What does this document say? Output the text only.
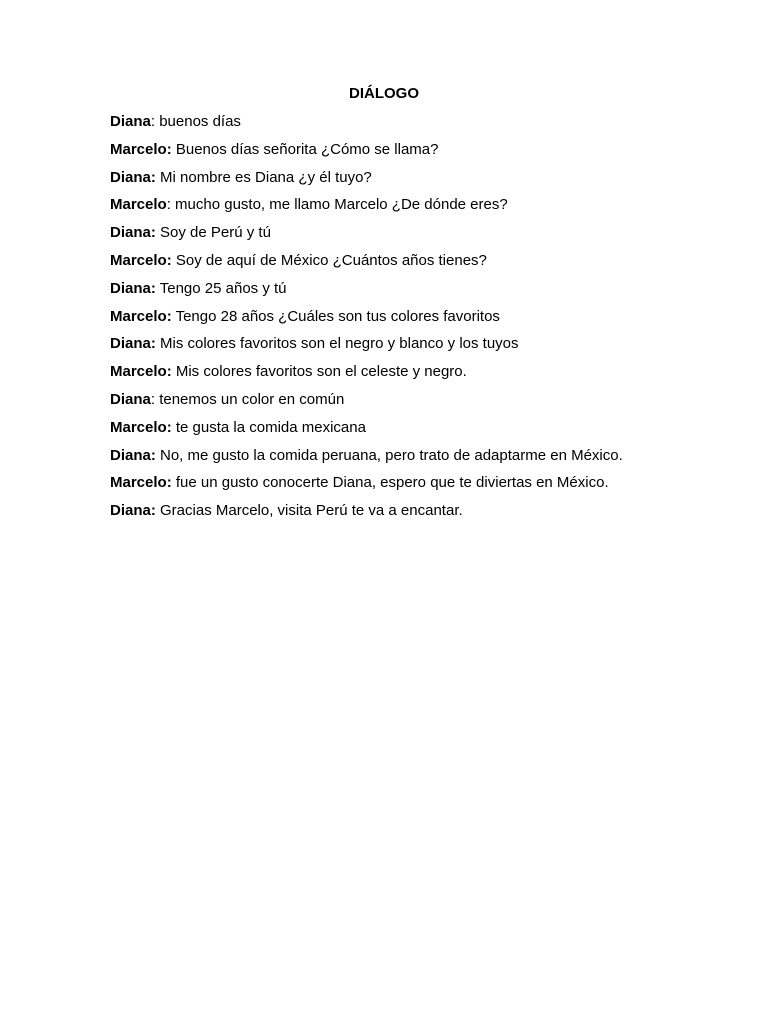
DIÁLOGO
Diana: buenos días
Marcelo: Buenos días señorita ¿Cómo se llama?
Diana: Mi nombre es Diana ¿y él tuyo?
Marcelo: mucho gusto, me llamo Marcelo ¿De dónde eres?
Diana: Soy de Perú y tú
Marcelo: Soy de aquí de México ¿Cuántos años tienes?
Diana: Tengo 25 años y tú
Marcelo: Tengo 28 años ¿Cuáles son tus colores favoritos
Diana: Mis colores favoritos son el negro y blanco y los tuyos
Marcelo: Mis colores favoritos son el celeste y negro.
Diana: tenemos un color en común
Marcelo: te gusta la comida mexicana
Diana: No, me gusto la comida peruana, pero trato de adaptarme en México.
Marcelo: fue un gusto conocerte Diana, espero que te diviertas en México.
Diana: Gracias Marcelo, visita Perú te va a encantar.
